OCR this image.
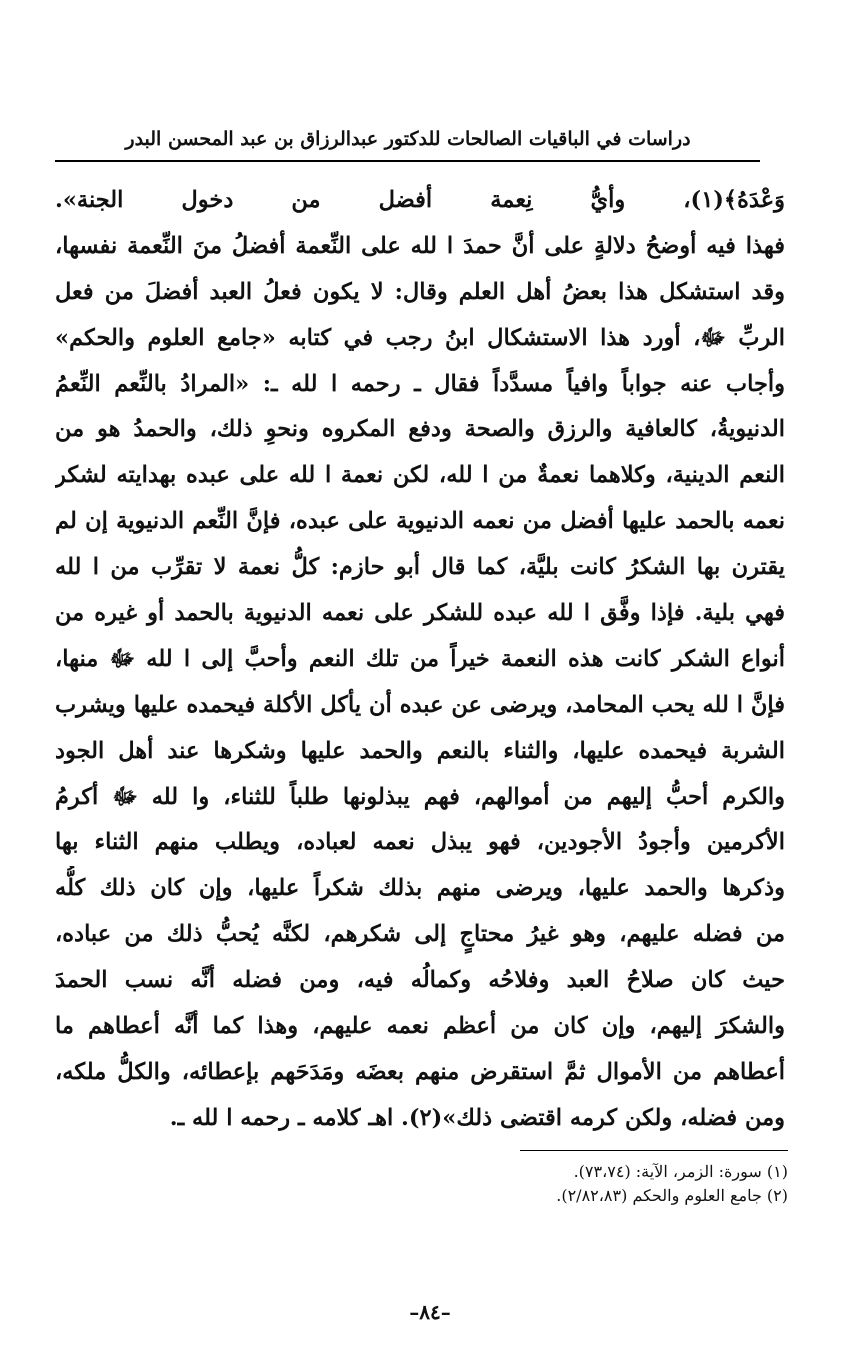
دراسات في الباقيات الصالحات للدكتور عبدالرزاق بن عبد المحسن البدر
وَعْدَهُ﴾(١)، وأيُّ نِعمة أفضل من دخول الجنة».
فهذا فيه أوضحُ دلالةٍ على أنَّ حمدَ ا لله على النِّعمة أفضلُ منَ النِّعمة نفسها،
وقد استشكل هذا بعضُ أهل العلم وقال: لا يكون فعلُ العبد أفضلَ من فعل
الربِّ ﷻ، أورد هذا الاستشكال ابنُ رجب في كتابه «جامع العلوم والحكم»
وأجاب عنه جواباً وافياً مسدَّداً فقال ـ رحمه ا لله ـ: «المرادُ بالنِّعم النِّعمُ
الدنيويةُ، كالعافية والرزق والصحة ودفع المكروه ونحوِ ذلك، والحمدُ هو من
النعم الدينية، وكلاهما نعمةٌ من ا لله، لكن نعمة ا لله على عبده بهدايته لشكر
نعمه بالحمد عليها أفضل من نعمه الدنيوية على عبده، فإنَّ النِّعم الدنيوية إن لم
يقترن بها الشكرُ كانت بليَّة، كما قال أبو حازم: كلُّ نعمة لا تقرِّب من ا لله
فهي بلية. فإذا وفَّق ا لله عبده للشكر على نعمه الدنيوية بالحمد أو غيره من
أنواع الشكر كانت هذه النعمة خيراً من تلك النعم وأحبَّ إلى ا لله ﷻ منها،
فإنَّ ا لله يحب المحامد، ويرضى عن عبده أن يأكل الأكلة فيحمده عليها ويشرب
الشربة فيحمده عليها، والثناء بالنعم والحمد عليها وشكرها عند أهل الجود
والكرم أحبُّ إليهم من أموالهم، فهم يبذلونها طلباً للثناء، وا لله ﷻ أكرمُ
الأكرمين وأجودُ الأجودين، فهو يبذل نعمه لعباده، ويطلب منهم الثناء بها
وذكرها والحمد عليها، ويرضى منهم بذلك شكراً عليها، وإن كان ذلك كلُّه
من فضله عليهم، وهو غيرُ محتاجٍ إلى شكرهم، لكنَّه يُحبُّ ذلك من عباده،
حيث كان صلاحُ العبد وفلاحُه وكمالُه فيه، ومن فضله أنَّه نسب الحمدَ
والشكرَ إليهم، وإن كان من أعظم نعمه عليهم، وهذا كما أنَّه أعطاهم ما
أعطاهم من الأموال ثمَّ استقرض منهم بعضَه ومَدَحَهم بإعطائه، والكلُّ ملكه،
ومن فضله، ولكن كرمه اقتضى ذلك»(٢). اهـ كلامه ـ رحمه ا لله ـ.
(١) سورة: الزمر، الآية: (٧٣،٧٤).
(٢) جامع العلوم والحكم (٢/٨٢،٨٣).
–٨٤–
